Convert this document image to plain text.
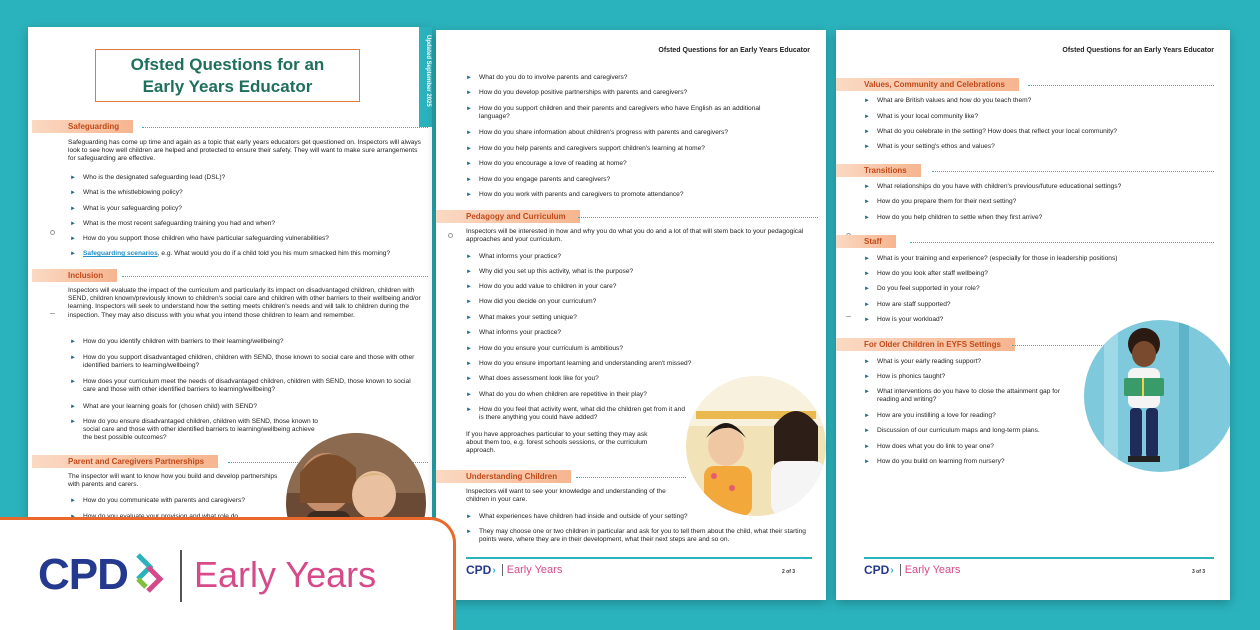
Ofsted Questions for an Early Years Educator	Updated September 2025
Safeguarding
Safeguarding has come up time and again as a topic that early years educators get questioned on. Inspectors will always look to see how well children are helped and protected to ensure their safety. They will want to make sure arrangements for safeguarding are effective.
► Who is the designated safeguarding lead (DSL)?
► What is the whistleblowing policy?
► What is your safeguarding policy?
► What is the most recent safeguarding training you had and when?
► How do you support those children who have particular safeguarding vulnerabilities?
► Safeguarding scenarios, e.g. What would you do if a child told you his mum smacked him this morning?
Inclusion
Inspectors will evaluate the impact of the curriculum and particularly its impact on disadvantaged children, children with SEND, children known/previously known to children's social care and children with other barriers to their wellbeing and/or learning. Inspectors will seek to understand how the setting meets children's needs and will talk to children during the inspection. They may also discuss with you what you intend those children to learn and remember.
► How do you identify children with barriers to their learning/wellbeing?
► How do you support disadvantaged children, children with SEND, those known to social care and those with other identified barriers to learning/wellbeing?
► How does your curriculum meet the needs of disadvantaged children, children with SEND, those known to social care and those with other identified barriers to learning/wellbeing?
► What are your learning goals for (chosen child) with SEND?
► How do you ensure disadvantaged children, children with SEND, those known to social care and those with other identified barriers to learning/wellbeing achieve the best possible outcomes?
Parent and Caregivers Partnerships
The inspector will want to know how you build and develop partnerships with parents and carers.
► How do you communicate with parents and caregivers?
Ofsted Questions for an Early Years Educator
► What do you do to involve parents and caregivers?
► How do you develop positive partnerships with parents and caregivers?
► How do you support children and their parents and caregivers who have English as an additional language?
► How do you share information about children's progress with parents and caregivers?
► How do you help parents and caregivers support children's learning at home?
► How do you encourage a love of reading at home?
► How do you engage parents and caregivers?
► How do you work with parents and caregivers to promote attendance?
Pedagogy and Curriculum
Inspectors will be interested in how and why you do what you do and a lot of that will stem back to your pedagogical approaches and your curriculum.
► What informs your practice?
► Why did you set up this activity, what is the purpose?
► How do you add value to children in your care?
► How did you decide on your curriculum?
► What makes your setting unique?
► What informs your practice?
► How do you ensure your curriculum is ambitious?
► How do you ensure important learning and understanding aren't missed?
► What does assessment look like for you?
► What do you do when children are repetitive in their play?
► How do you feel that activity went, what did the children get from it and is there anything you could have added?
If you have approaches particular to your setting they may ask about them too, e.g. forest schools sessions, or the curriculum approach.
Understanding Children
Inspectors will want to see your knowledge and understanding of the children in your care.
► What experiences have children had inside and outside of your setting?
► They may choose one or two children in particular and ask for you to tell them about the child, what their starting points were, where they are in their development, what their next steps are and so on.
CPD › Early Years	2 of 3
Ofsted Questions for an Early Years Educator
Values, Community and Celebrations
► What are British values and how do you teach them?
► What is your local community like?
► What do you celebrate in the setting? How does that reflect your local community?
► What is your setting's ethos and values?
Transitions
► What relationships do you have with children's previous/future educational settings?
► How do you prepare them for their next setting?
► How do you help children to settle when they first arrive?
Staff
► What is your training and experience? (especially for those in leadership positions)
► How do you look after staff wellbeing?
► Do you feel supported in your role?
► How are staff supported?
► How is your workload?
For Older Children in EYFS Settings
► What is your early reading support?
► How is phonics taught?
► What interventions do you have to close the attainment gap for reading and writing?
► How are you instilling a love for reading?
► Discussion of our curriculum maps and long-term plans.
► How does what you do link to year one?
► How do you build on learning from nursery?
CPD › Early Years	3 of 3
CPD Early Years
